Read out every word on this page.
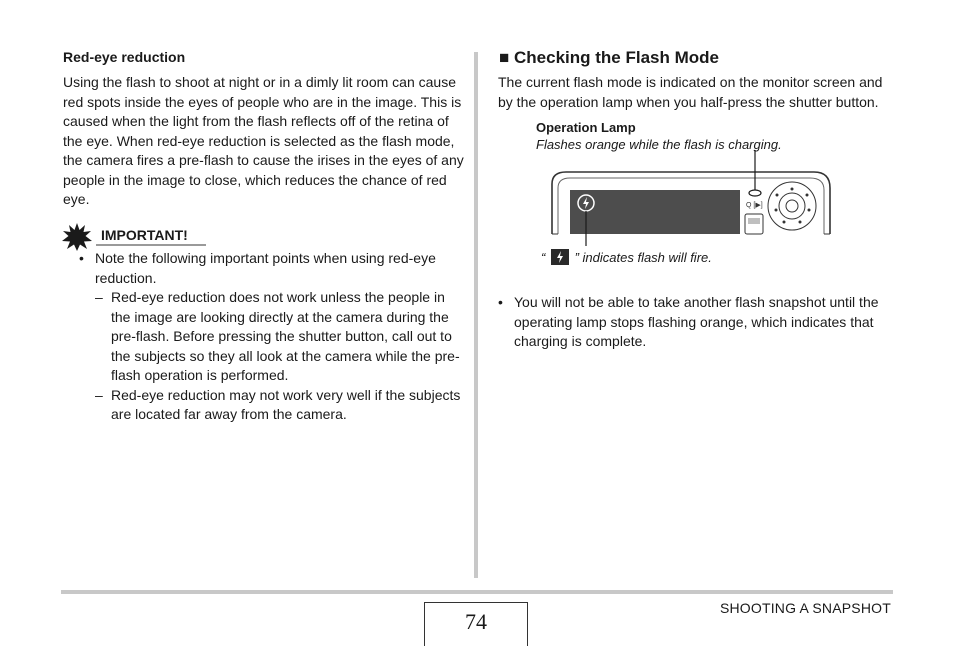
Red-eye reduction
Using the flash to shoot at night or in a dimly lit room can cause
red spots inside the eyes of people who are in the image. This is
caused when the light from the flash reflects off of the retina of
the eye. When red-eye reduction is selected as the flash mode,
the camera fires a pre-flash to cause the irises in the eyes of any
people in the image to close, which reduces the chance of red
eye.
IMPORTANT!
• Note the following important points when using red-eye
reduction.
– Red-eye reduction does not work unless the people in
the image are looking directly at the camera during the
pre-flash. Before pressing the shutter button, call out to
the subjects so they all look at the camera while the pre-
flash operation is performed.
– Red-eye reduction may not work very well if the subjects
are located far away from the camera.
■ Checking the Flash Mode
The current flash mode is indicated on the monitor screen and
by the operation lamp when you half-press the shutter button.
Operation Lamp
Flashes orange while the flash is charging.
Q [▶]
“ ” indicates flash will fire.
• You will not be able to take another flash snapshot until the
operating lamp stops flashing orange, which indicates that
charging is complete.
74
SHOOTING A SNAPSHOT
